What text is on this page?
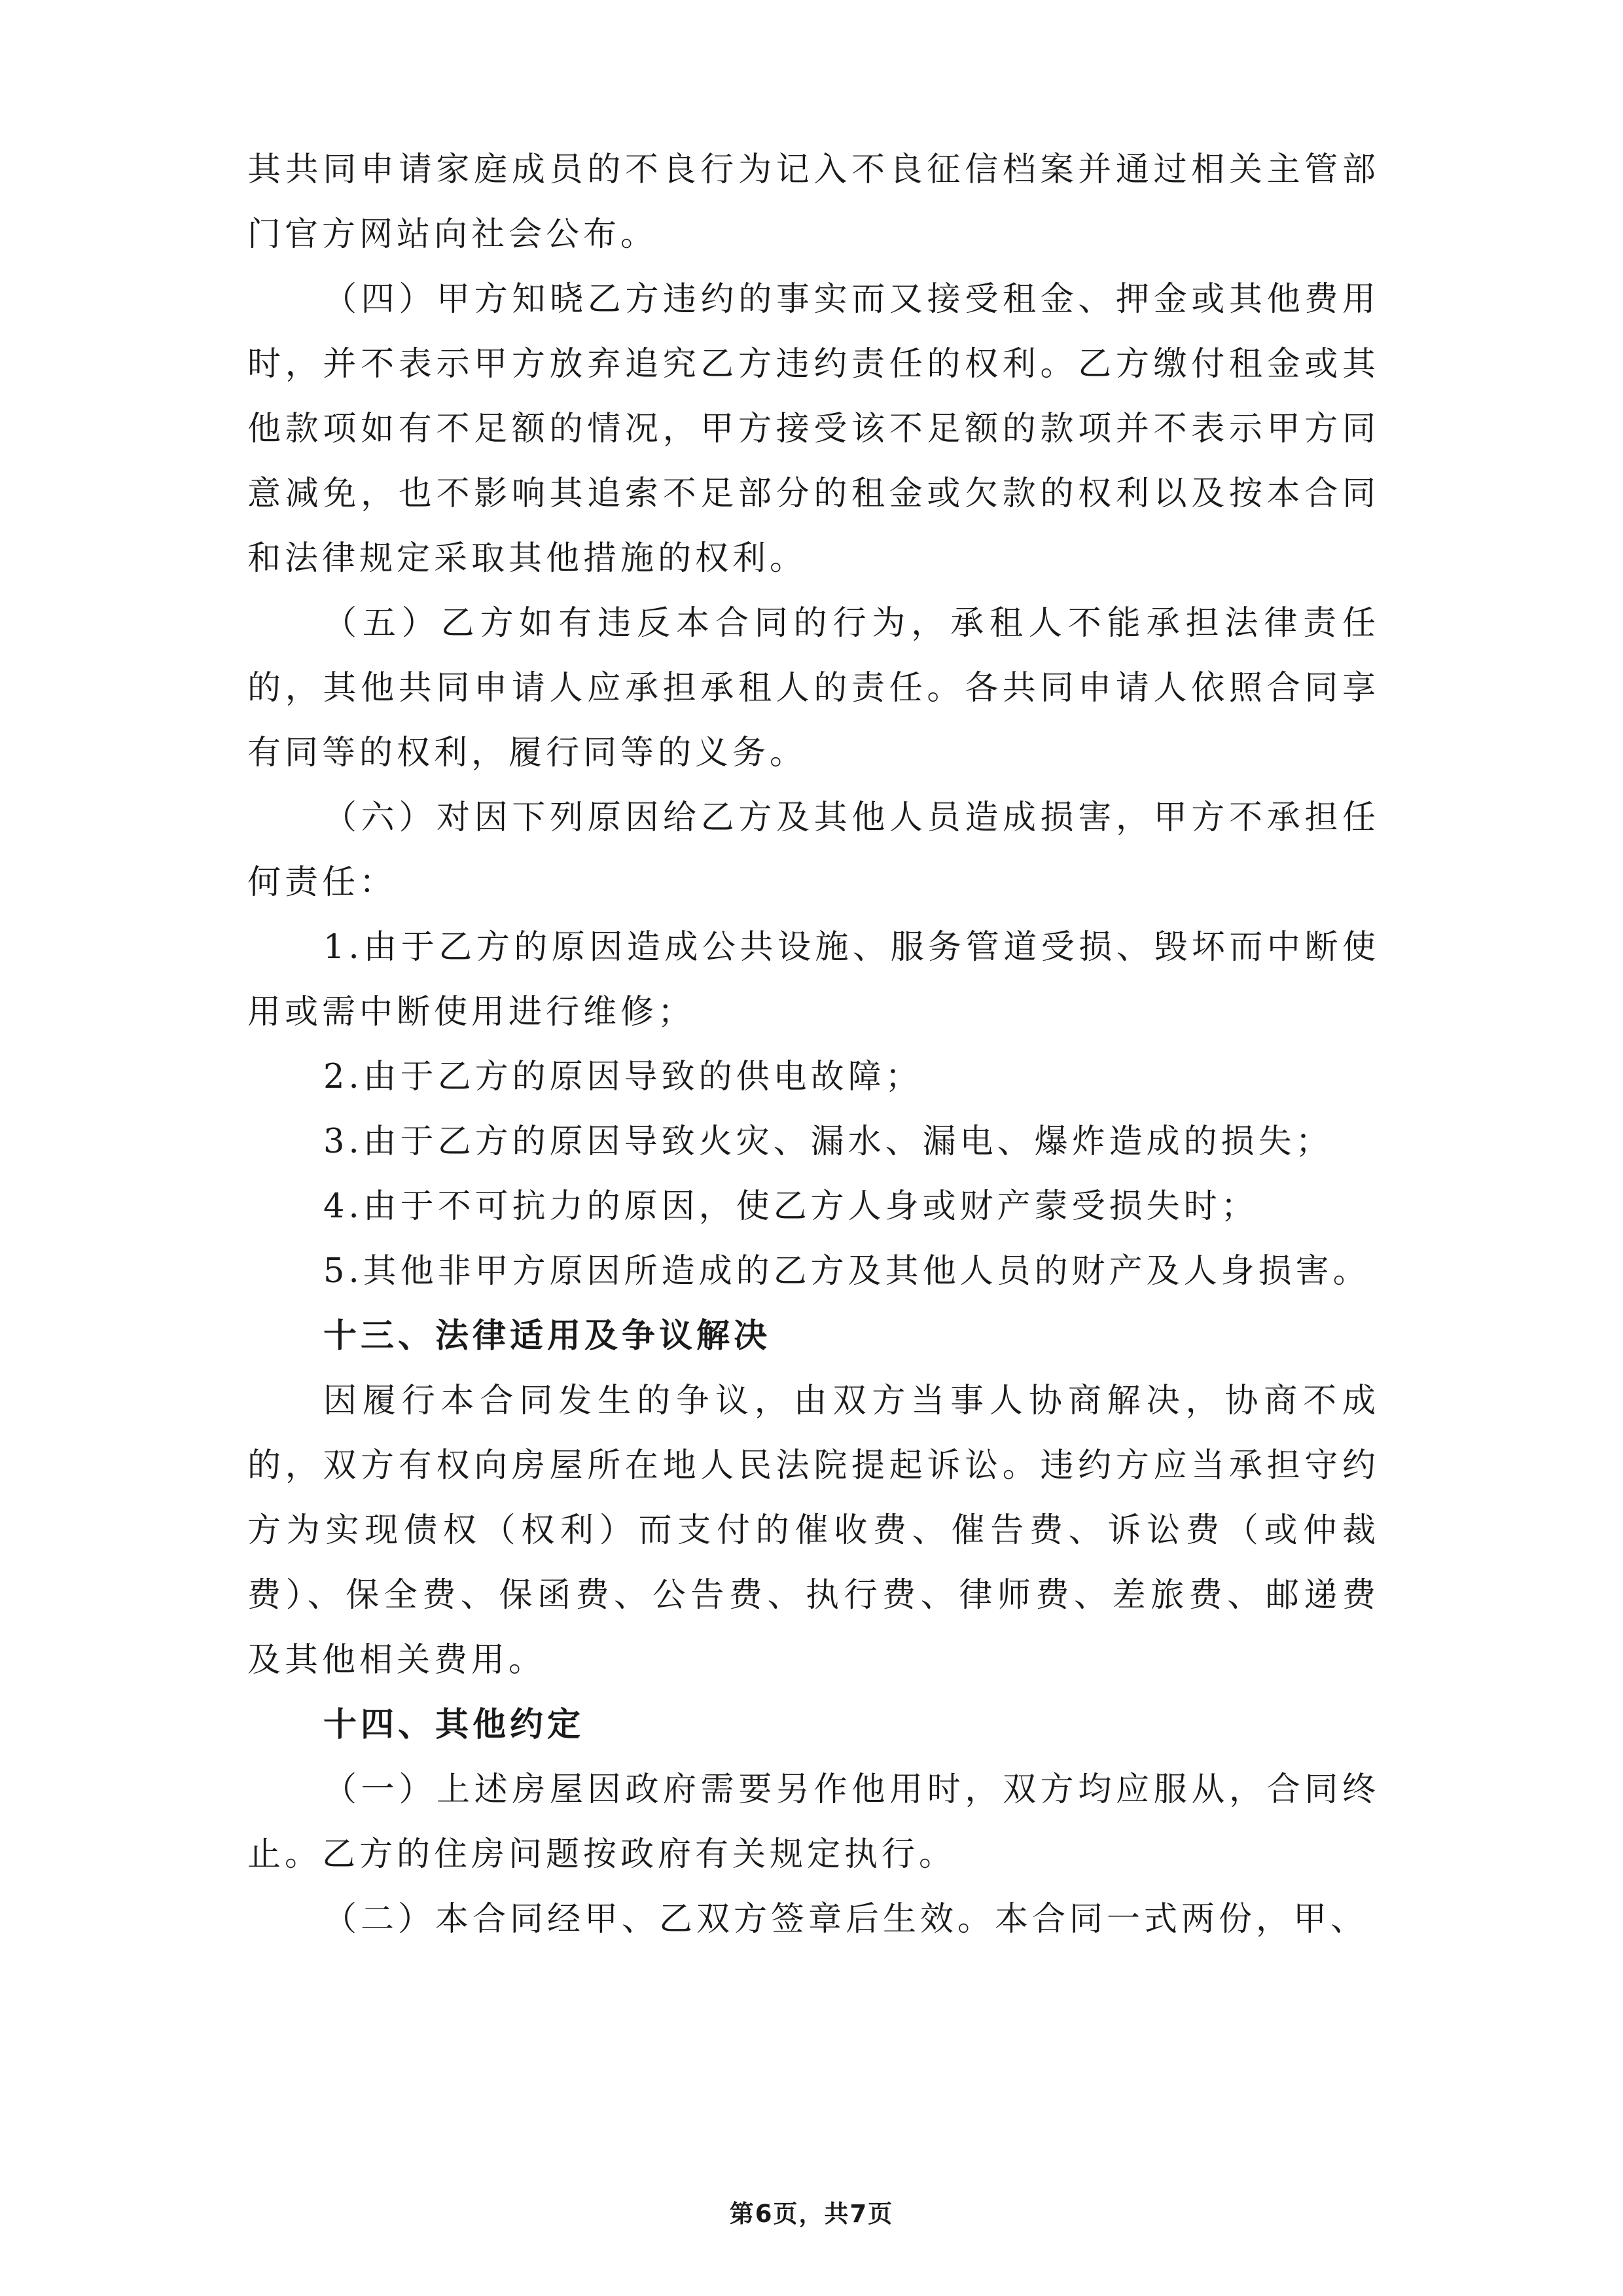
其共同申请家庭成员的不良行为记入不良征信档案并通过相关主管部门官方网站向社会公布。

（四）甲方知晓乙方违约的事实而又接受租金、押金或其他费用时，并不表示甲方放弃追究乙方违约责任的权利。乙方缴付租金或其他款项如有不足额的情况，甲方接受该不足额的款项并不表示甲方同意减免，也不影响其追索不足部分的租金或欠款的权利以及按本合同和法律规定采取其他措施的权利。

（五）乙方如有违反本合同的行为，承租人不能承担法律责任的，其他共同申请人应承担承租人的责任。各共同申请人依照合同享有同等的权利，履行同等的义务。

（六）对因下列原因给乙方及其他人员造成损害，甲方不承担任何责任：

1.由于乙方的原因造成公共设施、服务管道受损、毁坏而中断使用或需中断使用进行维修；

2.由于乙方的原因导致的供电故障；

3.由于乙方的原因导致火灾、漏水、漏电、爆炸造成的损失；

4.由于不可抗力的原因，使乙方人身或财产蒙受损失时；

5.其他非甲方原因所造成的乙方及其他人员的财产及人身损害。

十三、法律适用及争议解决

因履行本合同发生的争议，由双方当事人协商解决，协商不成的，双方有权向房屋所在地人民法院提起诉讼。违约方应当承担守约方为实现债权（权利）而支付的催收费、催告费、诉讼费（或仲裁费）、保全费、保函费、公告费、执行费、律师费、差旅费、邮递费及其他相关费用。

十四、其他约定

（一）上述房屋因政府需要另作他用时，双方均应服从，合同终止。乙方的住房问题按政府有关规定执行。

（二）本合同经甲、乙双方签章后生效。本合同一式两份，甲、

第6页，共7页
